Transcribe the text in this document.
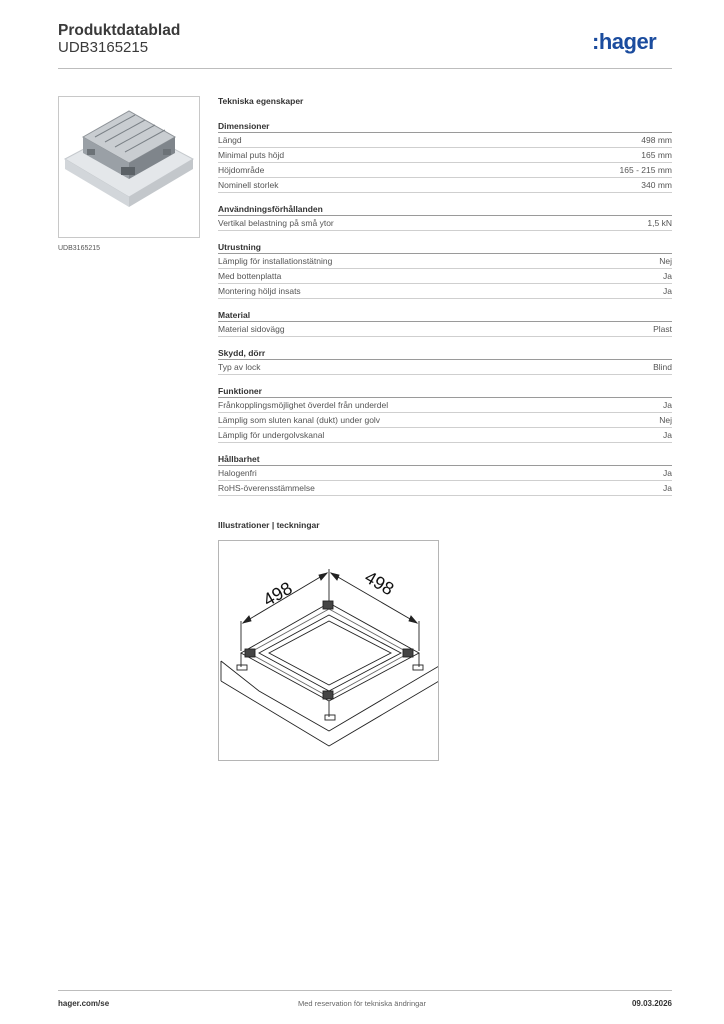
Produktdatablad
UDB3165215	:hager
UDB3165215
Tekniska egenskaper
Dimensioner
Längd	498 mm
Minimal puts höjd	165 mm
Höjdområde	165 - 215 mm
Nominell storlek	340 mm
Användningsförhållanden
Vertikal belastning på små ytor	1,5 kN
Utrustning
Lämplig för installationstätning	Nej
Med bottenplatta	Ja
Montering höljd insats	Ja
Material
Material sidovägg	Plast
Skydd, dörr
Typ av lock	Blind
Funktioner
Frånkopplingsmöjlighet överdel från underdel	Ja
Lämplig som sluten kanal (dukt) under golv	Nej
Lämplig för undergolvskanal	Ja
Hållbarhet
Halogenfri	Ja
RoHS-överensstämmelse	Ja
Illustrationer | teckningar
498	498
hager.com/se	Med reservation för tekniska ändringar	09.03.2026
